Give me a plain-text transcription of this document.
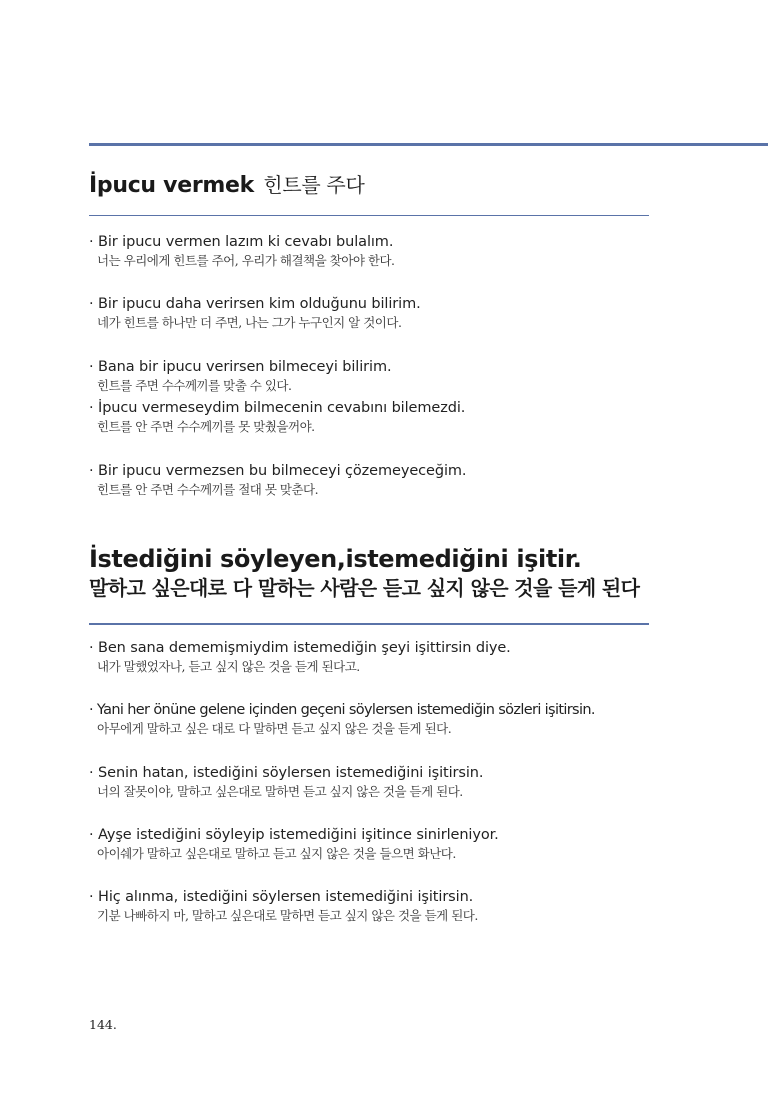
İpucu vermek 힌트를 주다
· Bir ipucu vermen lazım ki cevabı bulalım.
너는 우리에게 힌트를 주어, 우리가 해결책을 찾아야 한다.
· Bir ipucu daha verirsen kim olduğunu bilirim.
네가 힌트를 하나만 더 주면, 나는 그가 누구인지 알 것이다.
· Bana bir ipucu verirsen bilmeceyi bilirim.
힌트를 주면 수수께끼를 맞출 수 있다.
· İpucu vermeseydim bilmecenin cevabını bilemezdi.
힌트를 안 주면 수수께끼를 못 맞췄을꺼야.
· Bir ipucu vermezsen bu bilmeceyi çözemeyeceğim.
힌트를 안 주면 수수께끼를 절대 못 맞춘다.
İstediğini söyleyen,istemediğini işitir.
말하고 싶은대로 다 말하는 사람은 듣고 싶지 않은 것을 듣게 된다
· Ben sana dememişmiydim istemediğin şeyi işittirsin diye.
내가 말했었자나, 듣고 싶지 않은 것을 듣게 된다고.
· Yani her önüne gelene içinden geçeni söylersen istemediğin sözleri işitirsin.
아무에게 말하고 싶은 대로 다 말하면 듣고 싶지 않은 것을 듣게 된다.
· Senin hatan, istediğini söylersen istemediğini işitirsin.
너의 잘못이야, 말하고 싶은대로 말하면 듣고 싶지 않은 것을 듣게 된다.
· Ayşe istediğini söyleyip istemediğini işitince sinirleniyor.
아이쉐가 말하고 싶은대로 말하고 듣고 싶지 않은 것을 들으면 화난다.
· Hiç alınma, istediğini söylersen istemediğini işitirsin.
기분 나빠하지 마, 말하고 싶은대로 말하면 듣고 싶지 않은 것을 듣게 된다.
144.
